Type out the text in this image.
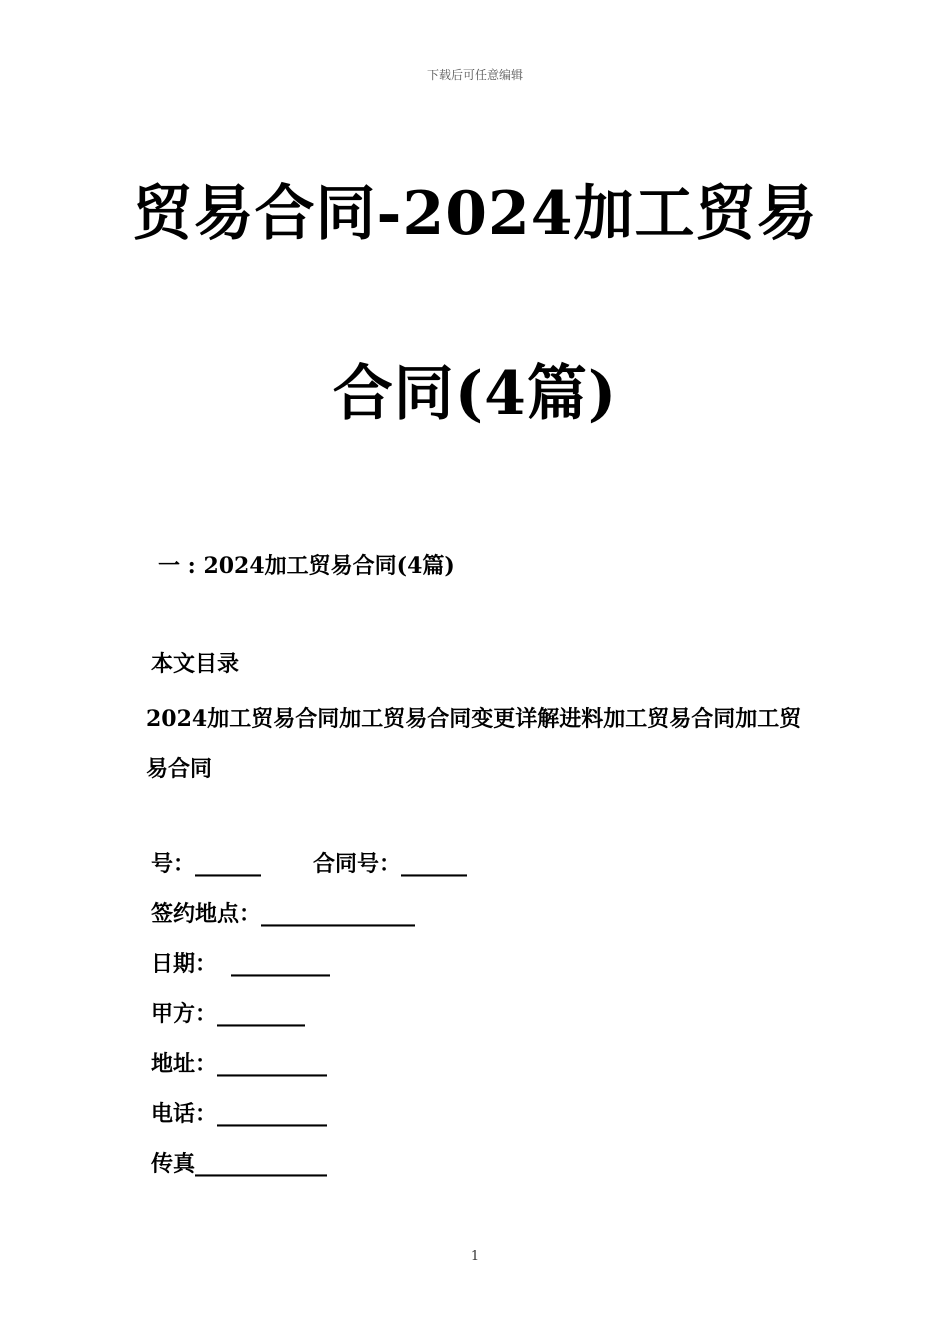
下载后可任意编辑
贸易合同-2024加工贸易
合同(4篇)
一 : 2024加工贸易合同(4篇)
本文目录
2024加工贸易合同加工贸易合同变更详解进料加工贸易合同加工贸易合同
号：______ 合同号：______
签约地点：______________
日期： _________
甲方：________
地址：__________
电话：__________
传真____________
1
